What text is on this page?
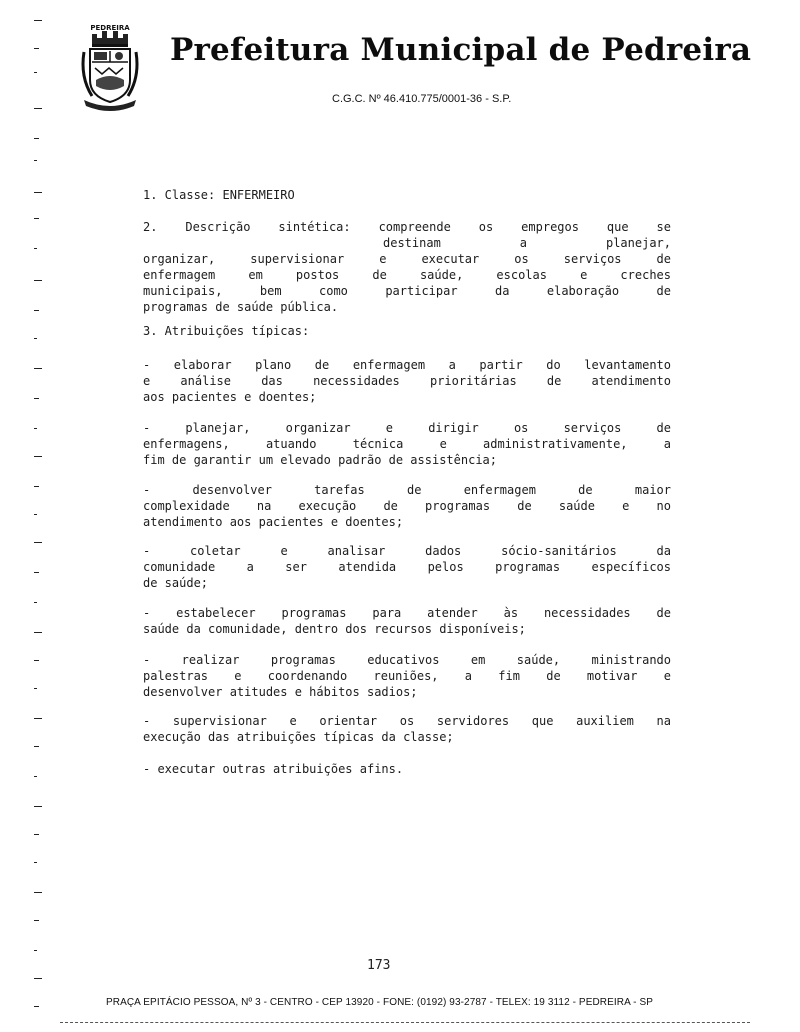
PEDREIRA
Prefeitura Municipal de Pedreira
C.G.C. Nº 46.410.775/0001-36 - S.P.
1. Classe: ENFERMEIRO
2. Descrição sintética: compreende os empregos que se
destinam a planejar,
organizar, supervisionar e executar os serviços de
enfermagem em postos de saúde, escolas e creches
municipais, bem como participar da elaboração de
programas de saúde pública.
3. Atribuições típicas:
- elaborar plano de enfermagem a partir do levantamento
e análise das necessidades prioritárias de atendimento
aos pacientes e doentes;
- planejar, organizar e dirigir os serviços de
enfermagens, atuando técnica e administrativamente, a
fim de garantir um elevado padrão de assistência;
- desenvolver tarefas de enfermagem de maior
complexidade na execução de programas de saúde e no
atendimento aos pacientes e doentes;
- coletar e analisar dados sócio-sanitários da
comunidade a ser atendida pelos programas específicos
de saúde;
- estabelecer programas para atender às necessidades de
saúde da comunidade, dentro dos recursos disponíveis;
- realizar programas educativos em saúde, ministrando
palestras e coordenando reuniões, a fim de motivar e
desenvolver atitudes e hábitos sadios;
- supervisionar e orientar os servidores que auxiliem na
execução das atribuições típicas da classe;
- executar outras atribuições afins.
173
PRAÇA EPITÁCIO PESSOA, Nº 3 - CENTRO - CEP 13920 - FONE: (0192) 93-2787 - TELEX: 19 3112 - PEDREIRA - SP
